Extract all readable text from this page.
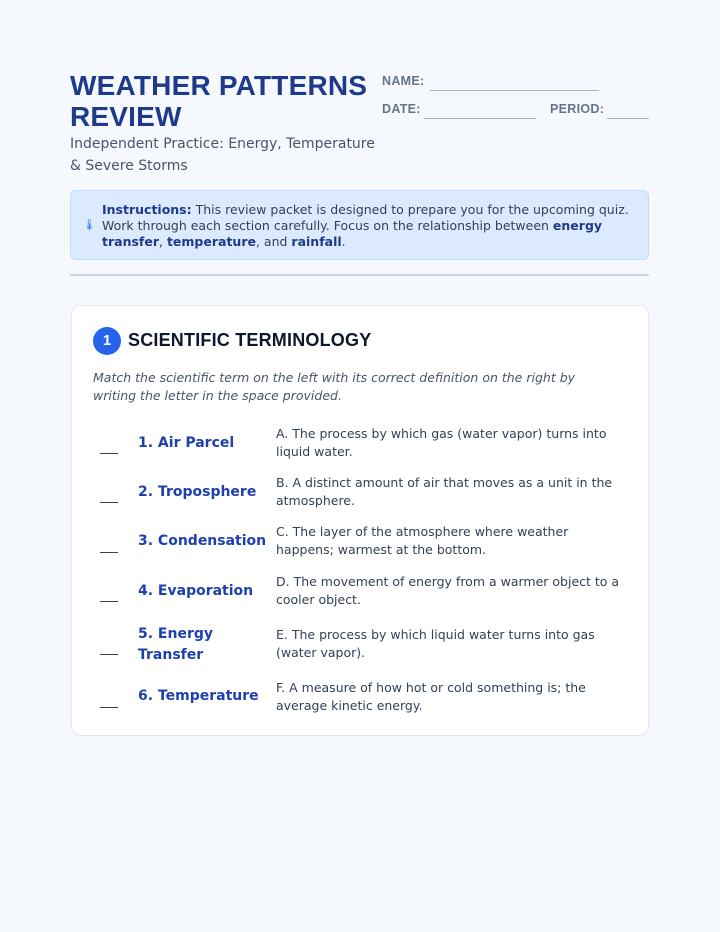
WEATHER PATTERNS REVIEW
Independent Practice: Energy, Temperature & Severe Storms
NAME:
DATE:	PERIOD:
🌡
Instructions: This review packet is designed to prepare you for the upcoming quiz. Work through each section carefully. Focus on the relationship between energy transfer, temperature, and rainfall.
1 SCIENTIFIC TERMINOLOGY
Match the scientific term on the left with its correct definition on the right by writing the letter in the space provided.
1. Air Parcel
A. The process by which gas (water vapor) turns into liquid water.
2. Troposphere
B. A distinct amount of air that moves as a unit in the atmosphere.
3. Condensation
C. The layer of the atmosphere where weather happens; warmest at the bottom.
4. Evaporation
D. The movement of energy from a warmer object to a cooler object.
5. Energy Transfer
E. The process by which liquid water turns into gas (water vapor).
6. Temperature
F. A measure of how hot or cold something is; the average kinetic energy.
